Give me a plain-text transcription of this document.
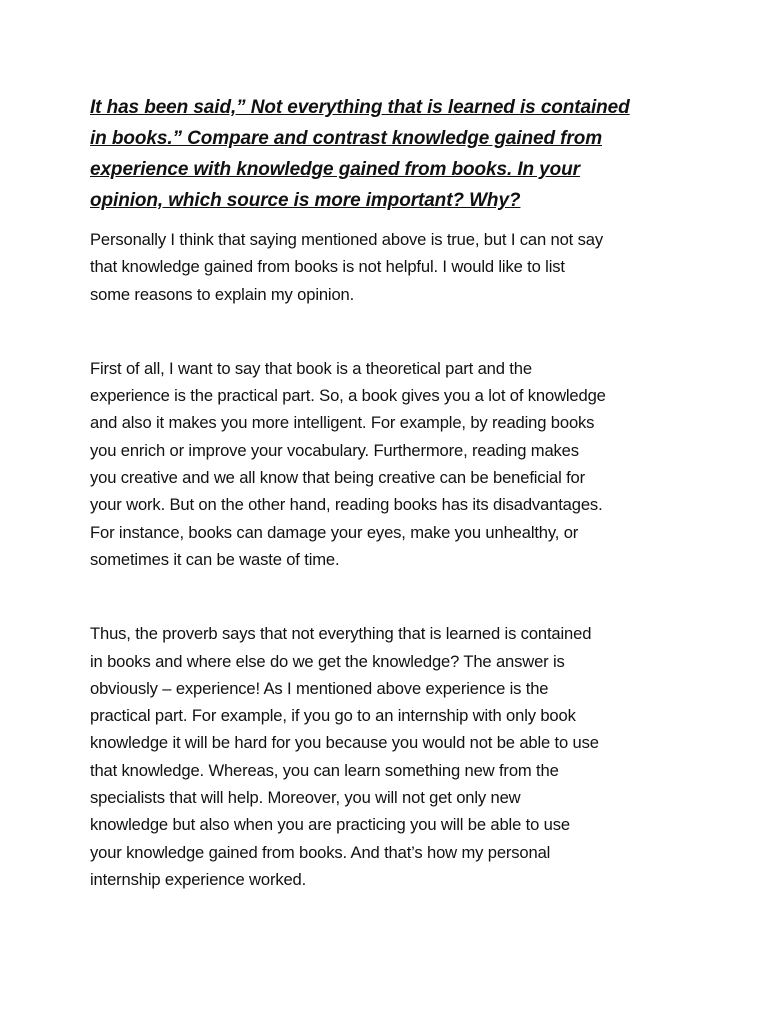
It has been said,” Not everything that is learned is contained
in books.” Compare and contrast knowledge gained from
experience with knowledge gained from books. In your
opinion, which source is more important? Why?

Personally I think that saying mentioned above is true, but I can not say
that knowledge gained from books is not helpful. I would like to list
some reasons to explain my opinion.

First of all, I want to say that book is a theoretical part and the
experience is the practical part. So, a book gives you a lot of knowledge
and also it makes you more intelligent. For example, by reading books
you enrich or improve your vocabulary. Furthermore, reading makes
you creative and we all know that being creative can be beneficial for
your work. But on the other hand, reading books has its disadvantages.
For instance, books can damage your eyes, make you unhealthy, or
sometimes it can be waste of time.

Thus, the proverb says that not everything that is learned is contained
in books and where else do we get the knowledge? The answer is
obviously – experience! As I mentioned above experience is the
practical part. For example, if you go to an internship with only book
knowledge it will be hard for you because you would not be able to use
that knowledge. Whereas, you can learn something new from the
specialists that will help. Moreover, you will not get only new
knowledge but also when you are practicing you will be able to use
your knowledge gained from books. And that’s how my personal
internship experience worked.
